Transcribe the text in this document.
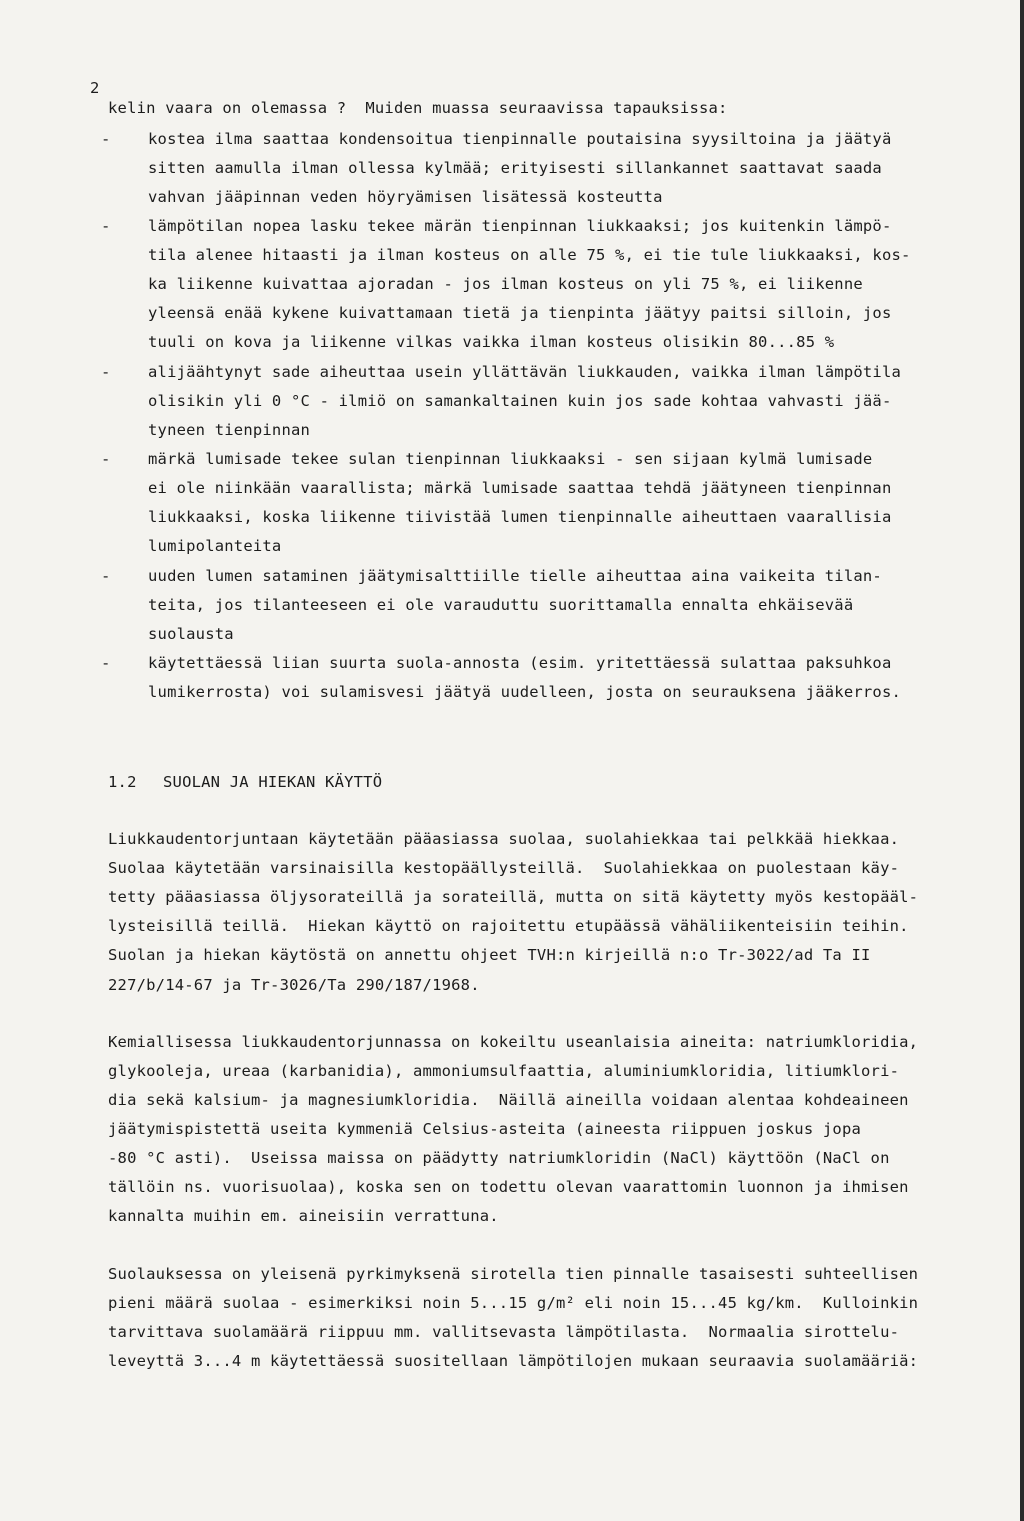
2
kelin vaara on olemassa ?  Muiden muassa seuraavissa tapauksissa:
- kostea ilma saattaa kondensoitua tienpinnalle poutaisina syysiltoina ja jäätyä
sitten aamulla ilman ollessa kylmää; erityisesti sillankannet saattavat saada
vahvan jääpinnan veden höyryämisen lisätessä kosteutta
- lämpötilan nopea lasku tekee märän tienpinnan liukkaaksi; jos kuitenkin lämpö-
tila alenee hitaasti ja ilman kosteus on alle 75 %, ei tie tule liukkaaksi, kos-
ka liikenne kuivattaa ajoradan - jos ilman kosteus on yli 75 %, ei liikenne
yleensä enää kykene kuivattamaan tietä ja tienpinta jäätyy paitsi silloin, jos
tuuli on kova ja liikenne vilkas vaikka ilman kosteus olisikin 80...85 %
- alijäähtynyt sade aiheuttaa usein yllättävän liukkauden, vaikka ilman lämpötila
olisikin yli 0 °C - ilmiö on samankaltainen kuin jos sade kohtaa vahvasti jää-
tyneen tienpinnan
- märkä lumisade tekee sulan tienpinnan liukkaaksi - sen sijaan kylmä lumisade
ei ole niinkään vaarallista; märkä lumisade saattaa tehdä jäätyneen tienpinnan
liukkaaksi, koska liikenne tiivistää lumen tienpinnalle aiheuttaen vaarallisia
lumipolanteita
- uuden lumen sataminen jäätymisalttiille tielle aiheuttaa aina vaikeita tilan-
teita, jos tilanteeseen ei ole varauduttu suorittamalla ennalta ehkäisevää
suolausta
- käytettäessä liian suurta suola-annosta (esim. yritettäessä sulattaa paksuhkoa
lumikerrosta) voi sulamisvesi jäätyä uudelleen, josta on seurauksena jääkerros.
1.2 SUOLAN JA HIEKAN KÄYTTÖ
Liukkaudentorjuntaan käytetään pääasiassa suolaa, suolahiekkaa tai pelkkää hiekkaa.
Suolaa käytetään varsinaisilla kestopäällysteillä.  Suolahiekkaa on puolestaan käy-
tetty pääasiassa öljysorateillä ja sorateillä, mutta on sitä käytetty myös kestopääl-
lysteisillä teillä.  Hiekan käyttö on rajoitettu etupäässä vähäliikenteisiin teihin.
Suolan ja hiekan käytöstä on annettu ohjeet TVH:n kirjeillä n:o Tr-3022/ad Ta II
227/b/14-67 ja Tr-3026/Ta 290/187/1968.
Kemiallisessa liukkaudentorjunnassa on kokeiltu useanlaisia aineita: natriumkloridia,
glykooleja, ureaa (karbanidia), ammoniumsulfaattia, aluminiumkloridia, litiumklori-
dia sekä kalsium- ja magnesiumkloridia.  Näillä aineilla voidaan alentaa kohdeaineen
jäätymispistettä useita kymmeniä Celsius-asteita (aineesta riippuen joskus jopa
-80 °C asti).  Useissa maissa on päädytty natriumkloridin (NaCl) käyttöön (NaCl on
tällöin ns. vuorisuolaa), koska sen on todettu olevan vaarattomin luonnon ja ihmisen
kannalta muihin em. aineisiin verrattuna.
Suolauksessa on yleisenä pyrkimyksenä sirotella tien pinnalle tasaisesti suhteellisen
pieni määrä suolaa - esimerkiksi noin 5...15 g/m² eli noin 15...45 kg/km.  Kulloinkin
tarvittava suolamäärä riippuu mm. vallitsevasta lämpötilasta.  Normaalia sirottelu-
leveyttä 3...4 m käytettäessä suositellaan lämpötilojen mukaan seuraavia suolamääriä:
